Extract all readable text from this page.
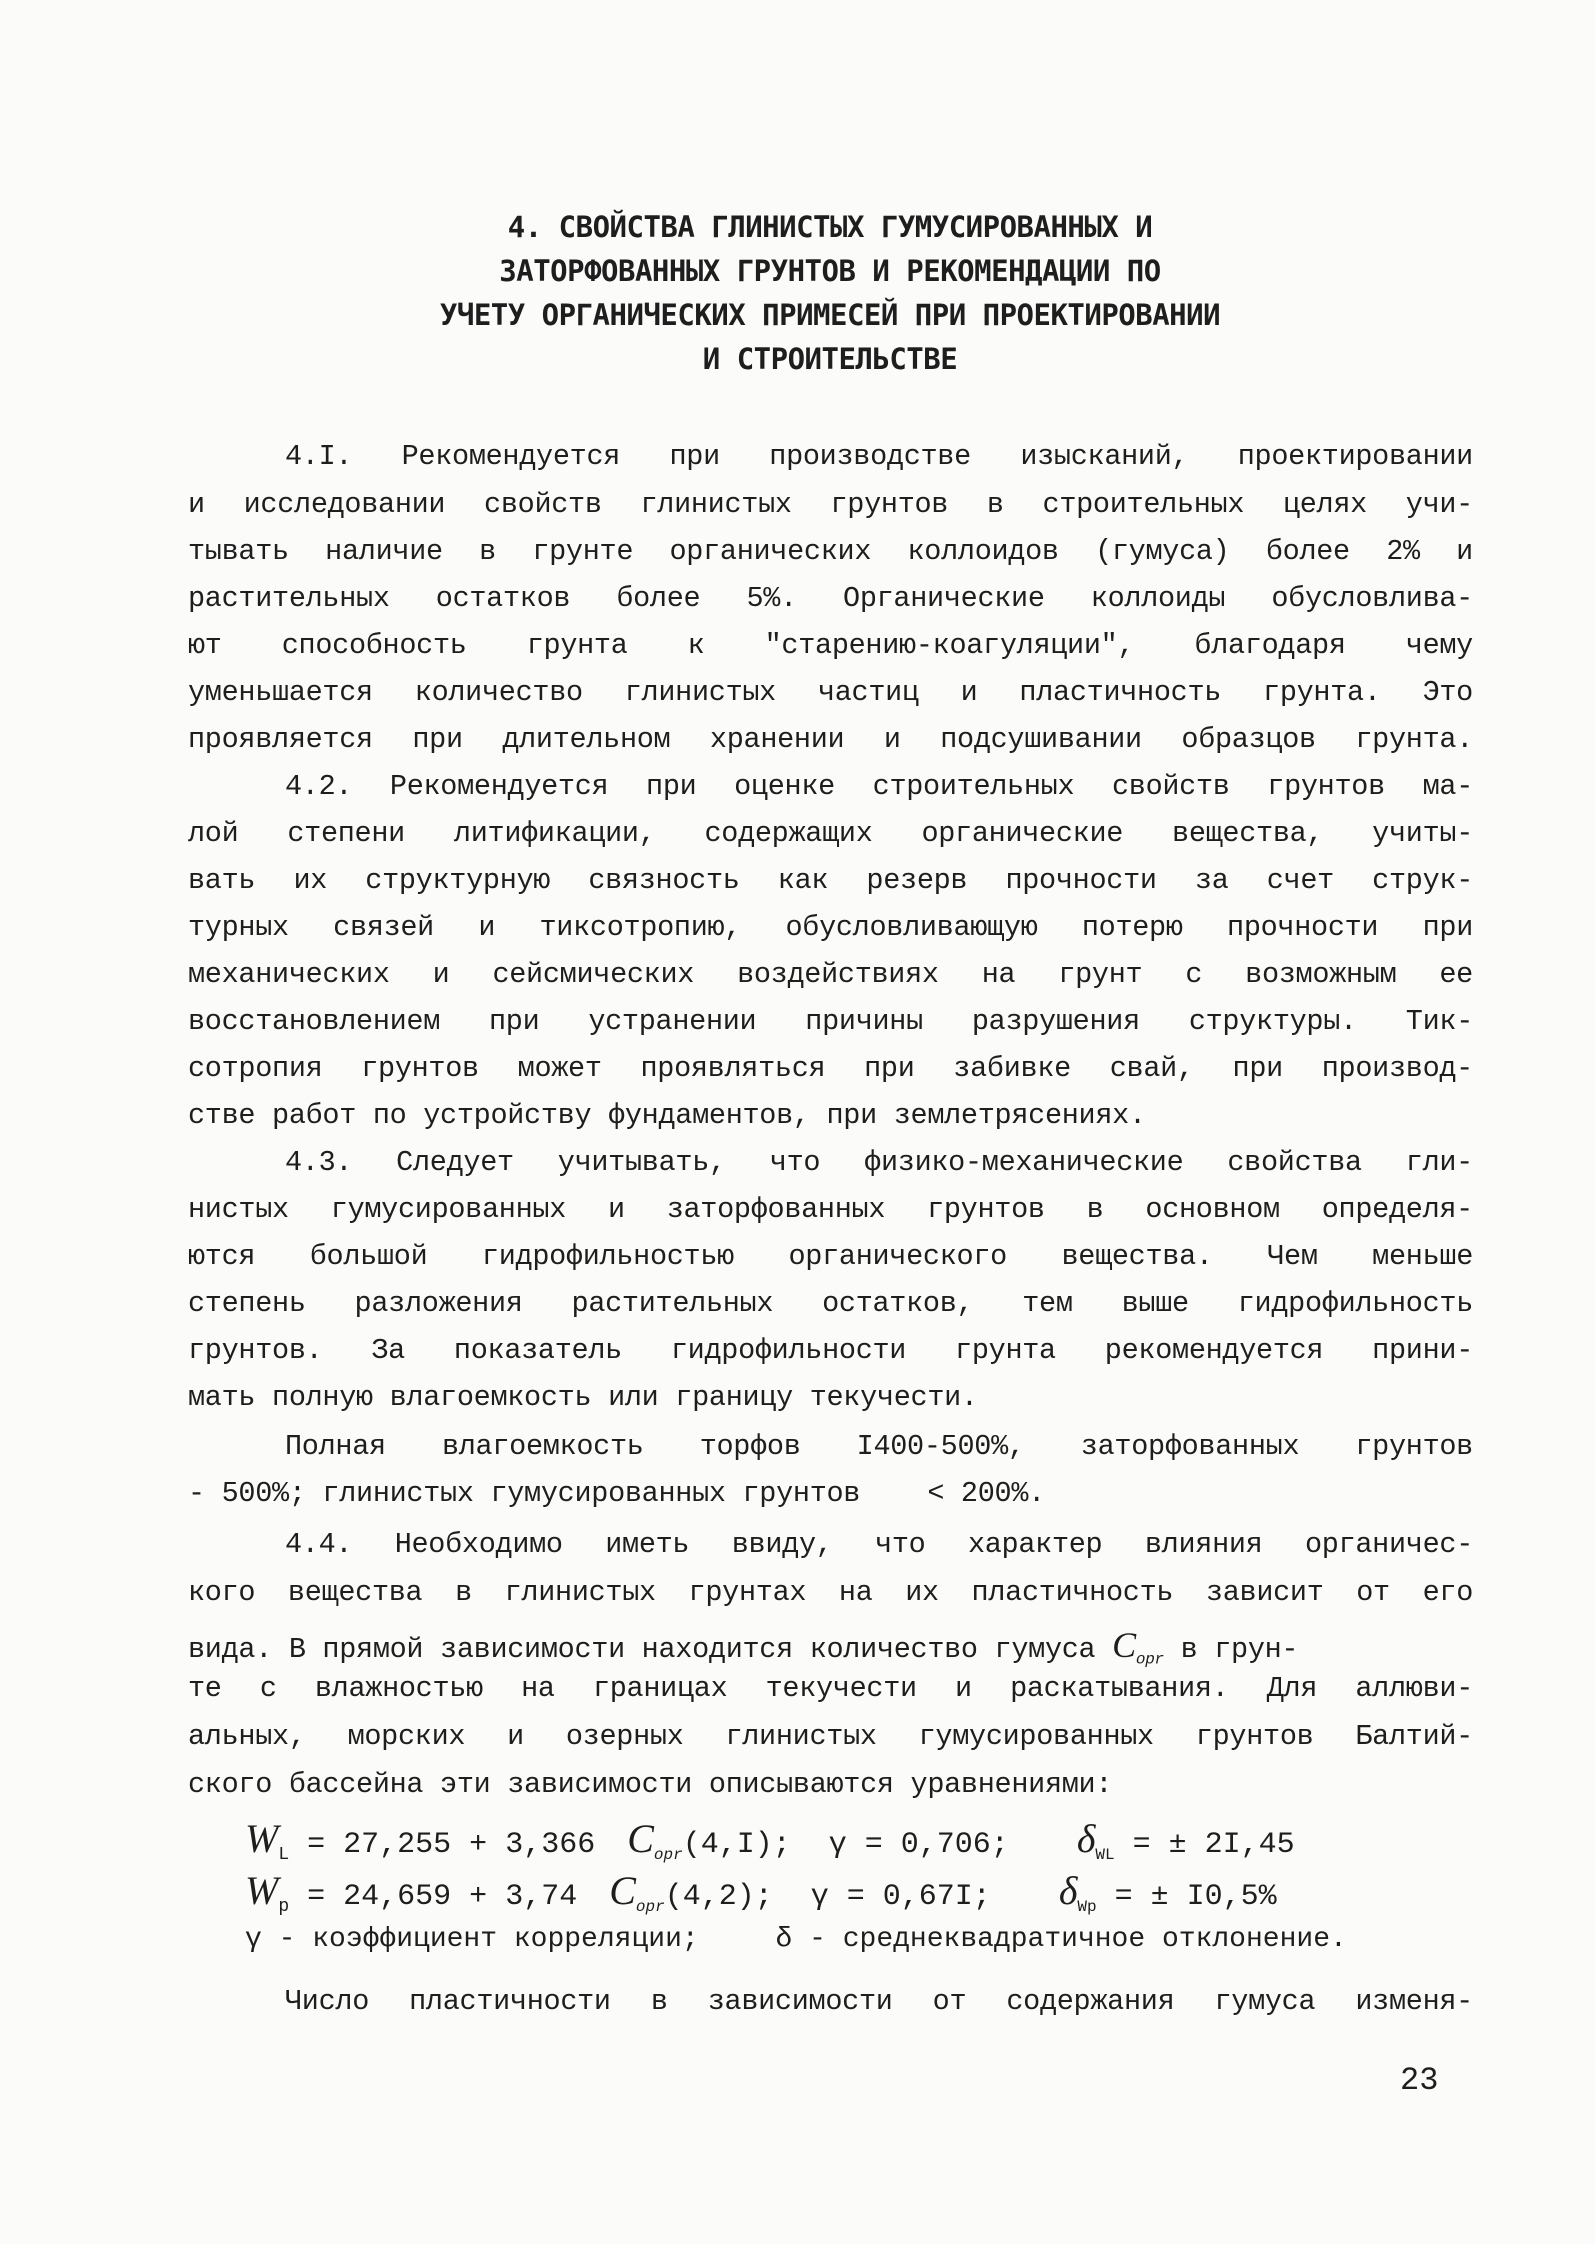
4. СВОЙСТВА ГЛИНИСТЫХ ГУМУСИРОВАННЫХ И
ЗАТОРФОВАННЫХ ГРУНТОВ И РЕКОМЕНДАЦИИ ПО
УЧЕТУ ОРГАНИЧЕСКИХ ПРИМЕСЕЙ ПРИ ПРОЕКТИРОВАНИИ
И СТРОИТЕЛЬСТВЕ
4.I. Рекомендуется при производстве изысканий, проектировании
и исследовании свойств глинистых грунтов в строительных целях учи-
тывать наличие в грунте органических коллоидов (гумуса) более 2% и
растительных остатков более 5%. Органические коллоиды обусловлива-
ют способность грунта к "старению-коагуляции", благодаря чему
уменьшается количество глинистых частиц и пластичность грунта. Это
проявляется при длительном хранении и подсушивании образцов грунта.
4.2. Рекомендуется при оценке строительных свойств грунтов ма-
лой степени литификации, содержащих органические вещества, учиты-
вать их структурную связность как резерв прочности за счет струк-
турных связей и тиксотропию, обусловливающую потерю прочности при
механических и сейсмических воздействиях на грунт с возможным ее
восстановлением при устранении причины разрушения структуры. Тик-
сотропия грунтов может проявляться при забивке свай, при производ-
стве работ по устройству фундаментов, при землетрясениях.
4.3. Следует учитывать, что физико-механические свойства гли-
нистых гумусированных и заторфованных грунтов в основном определя-
ются большой гидрофильностью органического вещества. Чем меньше
степень разложения растительных остатков, тем выше гидрофильность
грунтов. За показатель гидрофильности грунта рекомендуется прини-
мать полную влагоемкость или границу текучести.
Полная влагоемкость торфов I400-500%, заторфованных грунтов
- 500%; глинистых гумусированных грунтов    < 200%.
4.4. Необходимо иметь ввиду, что характер влияния органичес-
кого вещества в глинистых грунтах на их пластичность зависит от его
вида. В прямой зависимости находится количество гумуса $C_{opr}$ в грун-
те с влажностью на границах текучести и раскатывания. Для аллюви-
альных, морских и озерных глинистых гумусированных грунтов Балтий-
ского бассейна эти зависимости описываются уравнениями:
$W_L = 27,255 + 3,366$ $C_{opr}(4,I)$; γ = 0,706; $\delta_{WL}$ = ± 2I,45
$W_p = 24,659 + 3,74$ $C_{opr}(4,2)$; γ = 0,67I; $\delta_{Wp}$ = ± I0,5%
γ - коэффициент корреляции;	δ - среднеквадратичное отклонение.
Число пластичности в зависимости от содержания гумуса изменя-
23
